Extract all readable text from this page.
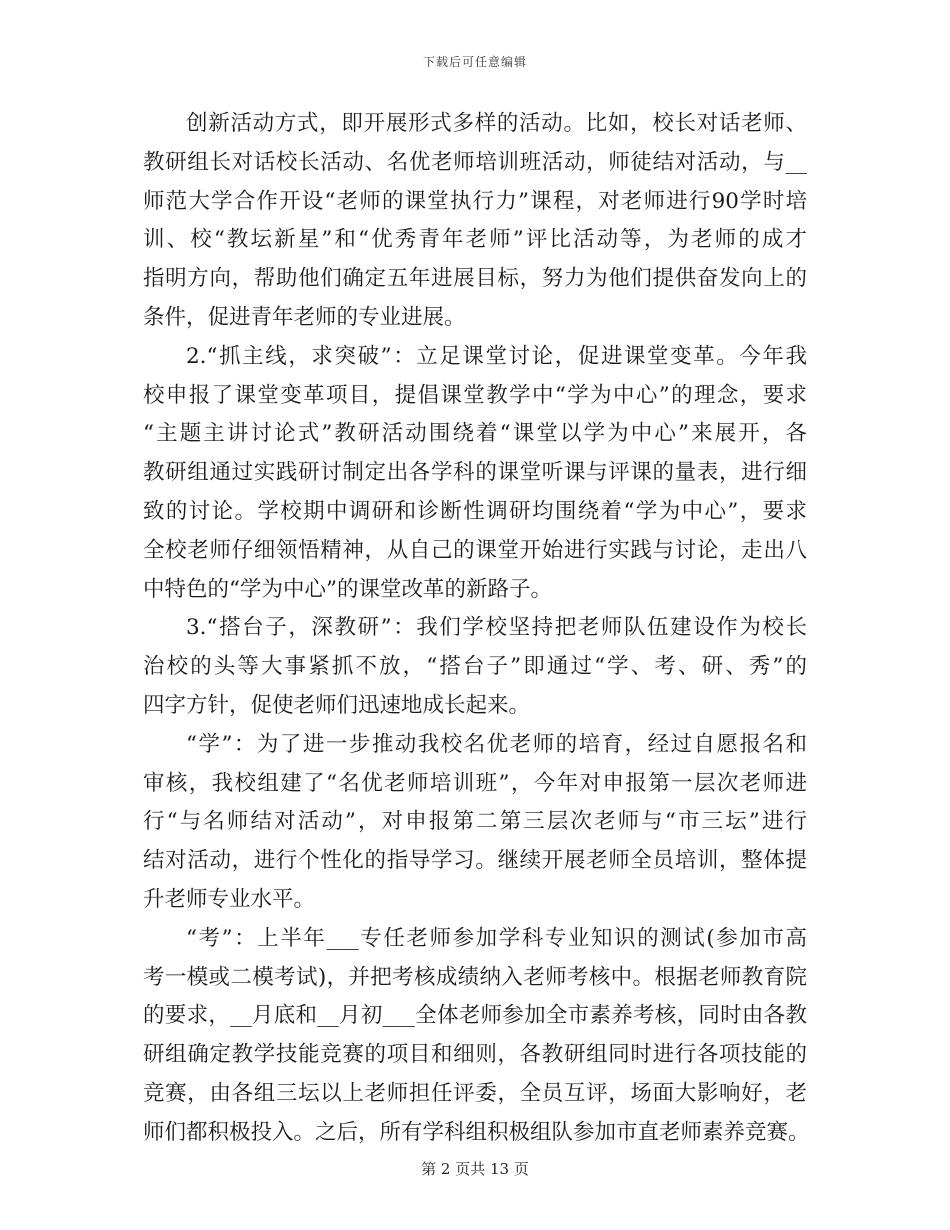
下载后可任意编辑

创新活动方式，即开展形式多样的活动。比如，校长对话老师、
教研组长对话校长活动、名优老师培训班活动，师徒结对活动，与__
师范大学合作开设“老师的课堂执行力”课程，对老师进行90学时培
训、校“教坛新星”和“优秀青年老师”评比活动等，为老师的成才
指明方向，帮助他们确定五年进展目标，努力为他们提供奋发向上的
条件，促进青年老师的专业进展。

2.“抓主线，求突破”：立足课堂讨论，促进课堂变革。今年我
校申报了课堂变革项目，提倡课堂教学中“学为中心”的理念，要求
“主题主讲讨论式”教研活动围绕着“课堂以学为中心”来展开，各
教研组通过实践研讨制定出各学科的课堂听课与评课的量表，进行细
致的讨论。学校期中调研和诊断性调研均围绕着“学为中心”，要求
全校老师仔细领悟精神，从自己的课堂开始进行实践与讨论，走出八
中特色的“学为中心”的课堂改革的新路子。

3.“搭台子，深教研”：我们学校坚持把老师队伍建设作为校长
治校的头等大事紧抓不放，“搭台子”即通过“学、考、研、秀”的
四字方针，促使老师们迅速地成长起来。

“学”：为了进一步推动我校名优老师的培育，经过自愿报名和
审核，我校组建了“名优老师培训班”，今年对申报第一层次老师进
行“与名师结对活动”，对申报第二第三层次老师与“市三坛”进行
结对活动，进行个性化的指导学习。继续开展老师全员培训，整体提
升老师专业水平。

“考”：上半年___专任老师参加学科专业知识的测试(参加市高
考一模或二模考试)，并把考核成绩纳入老师考核中。根据老师教育院
的要求，__月底和__月初___全体老师参加全市素养考核，同时由各教
研组确定教学技能竞赛的项目和细则，各教研组同时进行各项技能的
竞赛，由各组三坛以上老师担任评委，全员互评，场面大影响好，老
师们都积极投入。之后，所有学科组积极组队参加市直老师素养竞赛。

第 2 页共 13 页
